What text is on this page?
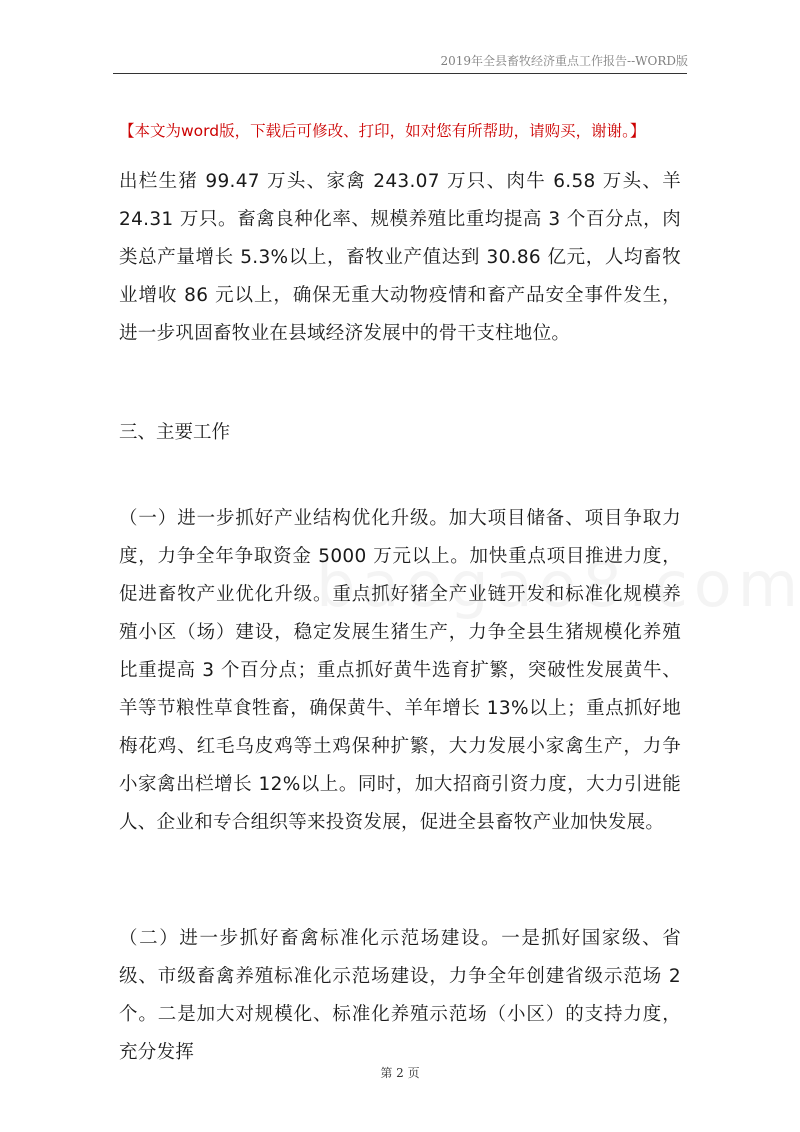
2019年全县畜牧经济重点工作报告--WORD版
【本文为word版，下载后可修改、打印，如对您有所帮助，请购买，谢谢。】

出栏生猪 99.47 万头、家禽 243.07 万只、肉牛 6.58 万头、羊 24.31 万只。畜禽良种化率、规模养殖比重均提高 3 个百分点，肉类总产量增长 5.3%以上，畜牧业产值达到 30.86 亿元，人均畜牧业增收 86 元以上，确保无重大动物疫情和畜产品安全事件发生，进一步巩固畜牧业在县域经济发展中的骨干支柱地位。

三、主要工作

（一）进一步抓好产业结构优化升级。加大项目储备、项目争取力度，力争全年争取资金 5000 万元以上。加快重点项目推进力度，促进畜牧产业优化升级。重点抓好猪全产业链开发和标准化规模养殖小区（场）建设，稳定发展生猪生产，力争全县生猪规模化养殖比重提高 3 个百分点；重点抓好黄牛选育扩繁，突破性发展黄牛、羊等节粮性草食牲畜，确保黄牛、羊年增长 13%以上；重点抓好地梅花鸡、红毛乌皮鸡等土鸡保种扩繁，大力发展小家禽生产，力争小家禽出栏增长 12%以上。同时，加大招商引资力度，大力引进能人、企业和专合组织等来投资发展，促进全县畜牧产业加快发展。

（二）进一步抓好畜禽标准化示范场建设。一是抓好国家级、省级、市级畜禽养殖标准化示范场建设，力争全年创建省级示范场 2 个。二是加大对规模化、标准化养殖示范场（小区）的支持力度，充分发挥

第 2 页
